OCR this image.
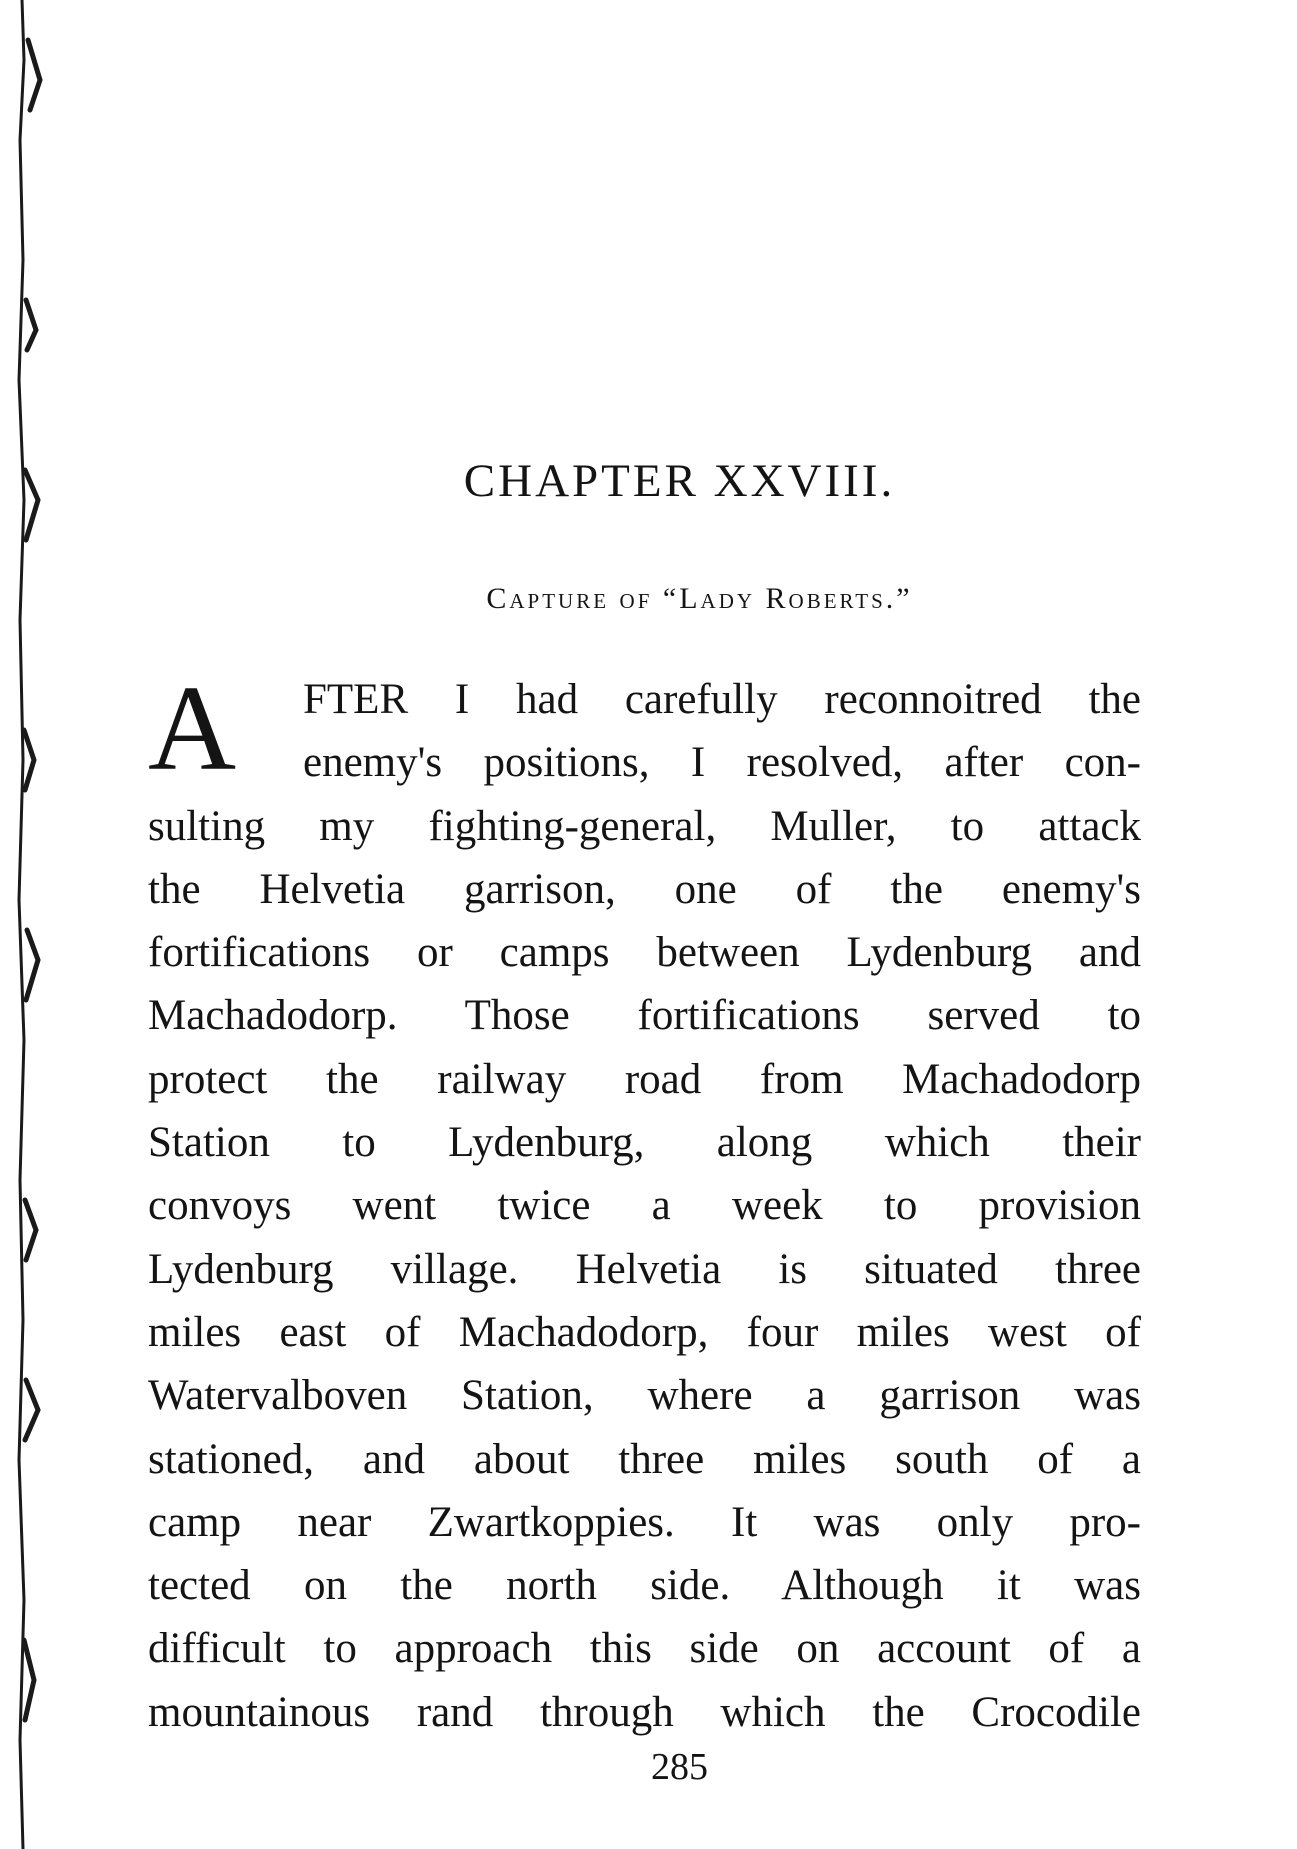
CHAPTER XXVIII.
Capture of “Lady Roberts.”
A	FTER I had carefully reconnoitred the
enemy's positions, I resolved, after con-
sulting my fighting-general, Muller, to attack
the Helvetia garrison, one of the enemy's
fortifications or camps between Lydenburg and
Machadodorp. Those fortifications served to
protect the railway road from Machadodorp
Station to Lydenburg, along which their
convoys went twice a week to provision
Lydenburg village. Helvetia is situated three
miles east of Machadodorp, four miles west of
Watervalboven Station, where a garrison was
stationed, and about three miles south of a
camp near Zwartkoppies. It was only pro-
tected on the north side. Although it was
difficult to approach this side on account of a
mountainous rand through which the Crocodile
285
